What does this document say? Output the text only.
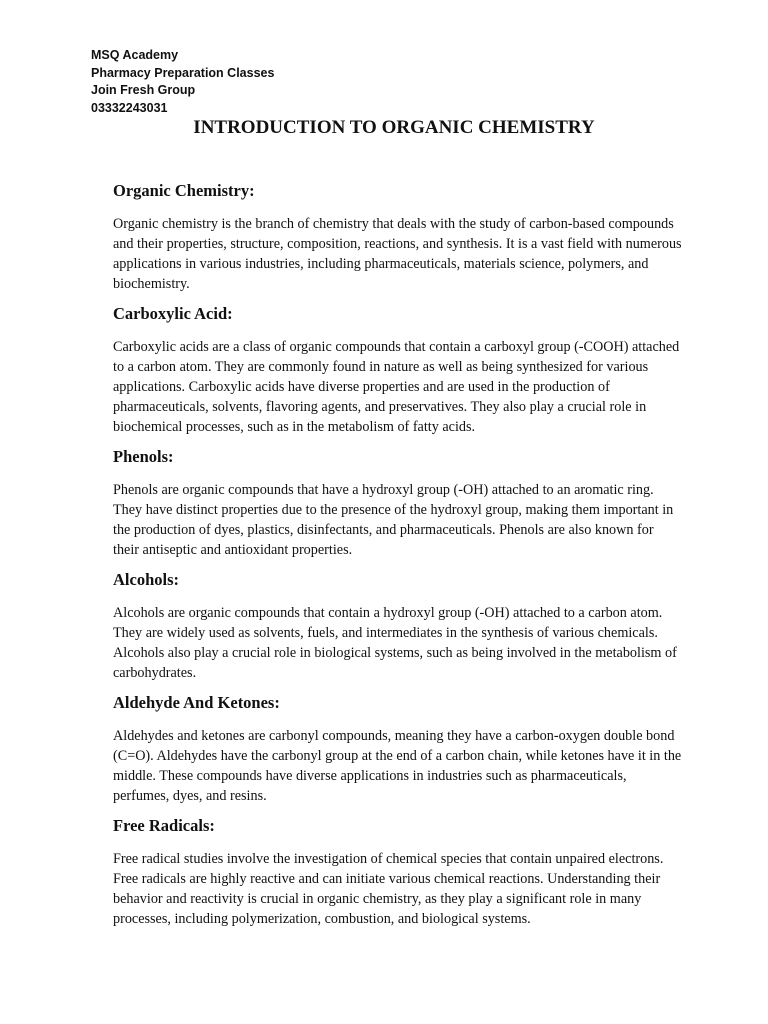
MSQ Academy
Pharmacy Preparation Classes
Join Fresh Group
03332243031
INTRODUCTION TO ORGANIC CHEMISTRY
Organic Chemistry:

Organic chemistry is the branch of chemistry that deals with the study of carbon-based compounds and their properties, structure, composition, reactions, and synthesis. It is a vast field with numerous applications in various industries, including pharmaceuticals, materials science, polymers, and biochemistry.

Carboxylic Acid:

Carboxylic acids are a class of organic compounds that contain a carboxyl group (-COOH) attached to a carbon atom. They are commonly found in nature as well as being synthesized for various applications. Carboxylic acids have diverse properties and are used in the production of pharmaceuticals, solvents, flavoring agents, and preservatives. They also play a crucial role in biochemical processes, such as in the metabolism of fatty acids.

Phenols:

Phenols are organic compounds that have a hydroxyl group (-OH) attached to an aromatic ring. They have distinct properties due to the presence of the hydroxyl group, making them important in the production of dyes, plastics, disinfectants, and pharmaceuticals. Phenols are also known for their antiseptic and antioxidant properties.

Alcohols:

Alcohols are organic compounds that contain a hydroxyl group (-OH) attached to a carbon atom. They are widely used as solvents, fuels, and intermediates in the synthesis of various chemicals. Alcohols also play a crucial role in biological systems, such as being involved in the metabolism of carbohydrates.

Aldehyde And Ketones:

Aldehydes and ketones are carbonyl compounds, meaning they have a carbon-oxygen double bond (C=O). Aldehydes have the carbonyl group at the end of a carbon chain, while ketones have it in the middle. These compounds have diverse applications in industries such as pharmaceuticals, perfumes, dyes, and resins.

Free Radicals:

Free radical studies involve the investigation of chemical species that contain unpaired electrons. Free radicals are highly reactive and can initiate various chemical reactions. Understanding their behavior and reactivity is crucial in organic chemistry, as they play a significant role in many processes, including polymerization, combustion, and biological systems.
